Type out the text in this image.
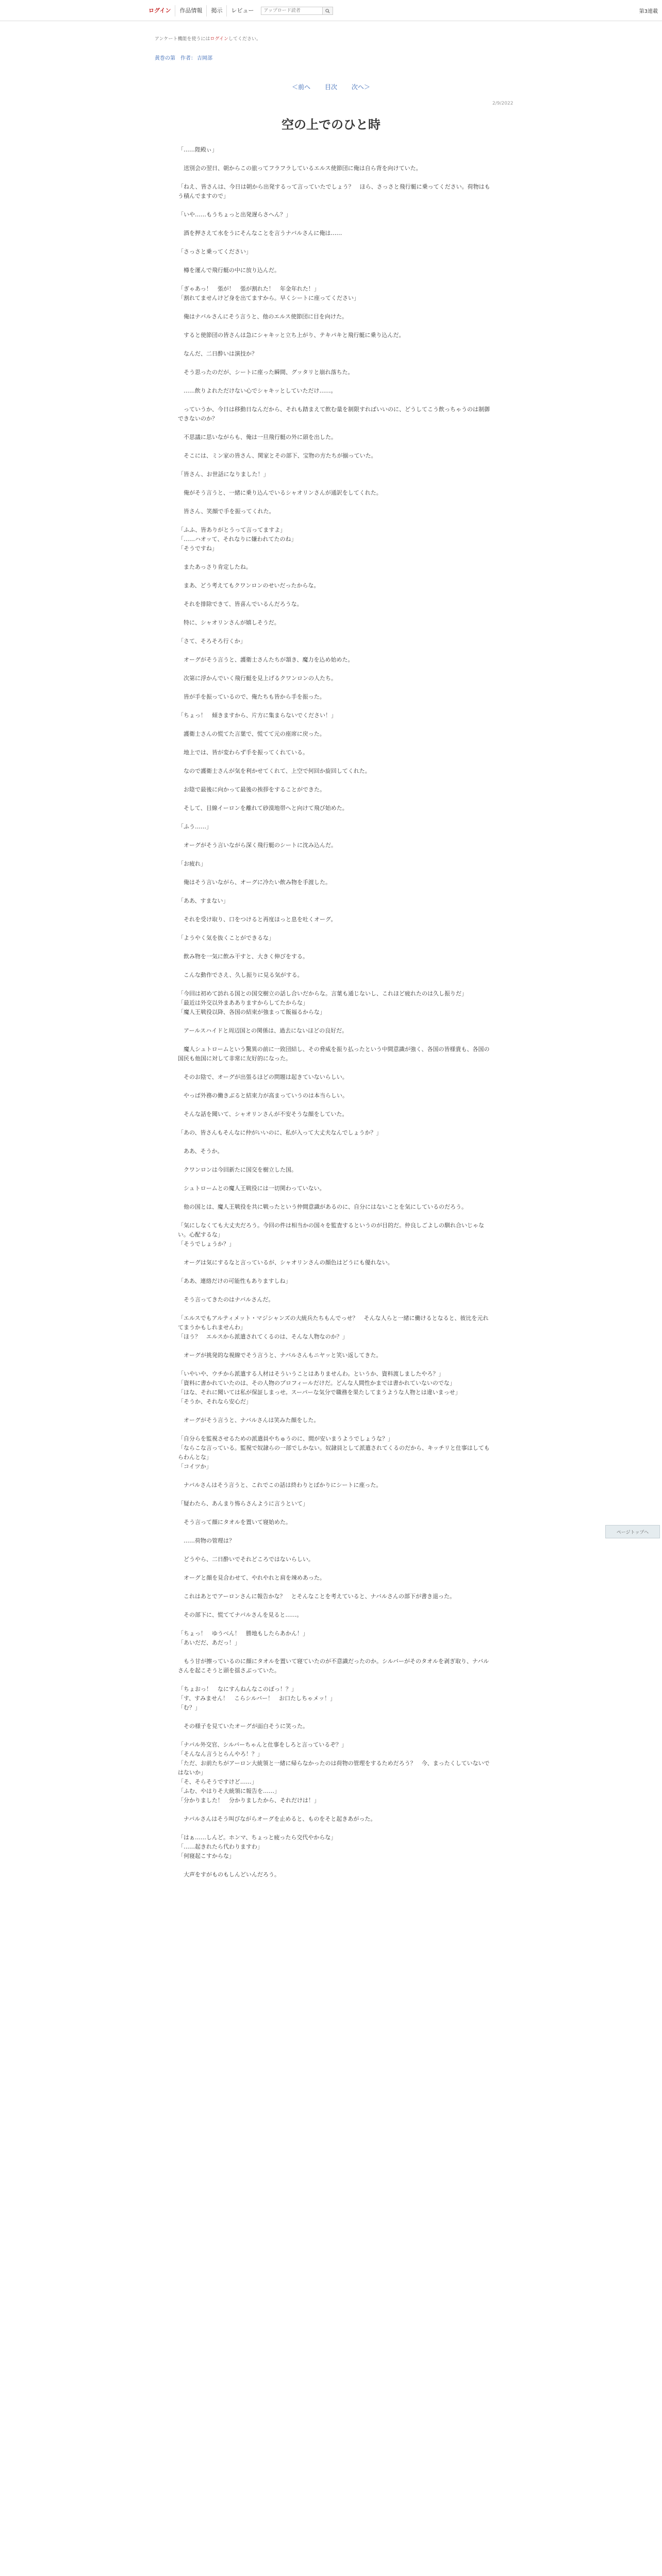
ログイン	作品情報	掲示	レビュー
アップロード読者	第3連載
アンケート機能を使うにはログインしてください。
黄巻の第 作者： 吉岡部
＜前へ 目次 次へ＞
2/9/2022
空の上でのひと時

「……陛殿ぃ」

　送別会の翌日、朝からこの旅ってフラフラしているエルス使節団に俺は自ら背を向けていた。

「ねえ、皆さんは、今日は朝から出発するって言っていたでしょう？　ほら、さっさと飛行艇に乗ってください。荷物はもう積んでますので」

「いや……もうちょっと出発遅らさへん？」

　酒を押さえて水をうにそんなことを言うナバルさんに俺は……

「さっさと乗ってください」

　樽を運んで飛行艇の中に放り込んだ。

「ぎゃあっ！　張が！　張が割れた！　年金年れた！」
「割れてませんけど身を出てますから。早くシートに座ってください」

　俺はナバルさんにそう言うと、他のエルス使節団に目を向けた。

　すると使節団の皆さんは急にシャキッと立ち上がり、テキパキと飛行艇に乗り込んだ。

　なんだ、二日酔いは演技か？

　そう思ったのだが、シートに座った瞬間、グッタリと崩れ落ちた。

　……飲りよれただけない心でシャキッとしていただけ……。

　っていうか、今日は移動日なんだから、それも踏まえて飲む量を制限すればいいのに、どうしてこう飲っちゃうのは制御できないのか？

　不思議に思いながらも、俺は一旦飛行艇の外に頭を出した。

　そこには、ミン家の皆さん、関家とその部下、宝物の方たちが揃っていた。

「皆さん、お世話になりました！」

　俺がそう言うと、一緒に乗り込んでいるシャオリンさんが通訳をしてくれた。

　皆さん、笑顔で手を振ってくれた。

「ふふ、皆ありがとうって言ってますよ」
「……ハオッて、それなりに嫌われてたのね」
「そうですね」

　またあっさり肯定したね。

　まあ、どう考えてもクワンロンのせいだったからな。

　それを排除できて、皆喜んでいるんだろうな。

　特に、シャオリンさんが嬉しそうだ。

「さて、そろそろ行くか」

　オーグがそう言うと、護衛士さんたちが頷き、魔力を込め始めた。

　次第に浮かんでいく飛行艇を見上げるクワンロンの人たち。

　皆が手を振っているので、俺たちも皆から手を振った。

「ちょっ！　傾きますから、片方に集まらないでください！」

　護衛士さんの慌てた言葉で、慌てて元の座席に戻った。

　地上では、皆が変わらず手を振ってくれている。

　なので護衛士さんが気を利かせてくれて、上空で何回か旋回してくれた。

　お陰で最後に向かって最後の挨拶をすることができた。

　そして、目線イーロンを離れて砂漠地帯へと向けて飛び始めた。

「ふう……」

　オーグがそう言いながら深く飛行艇のシートに沈み込んだ。

「お疲れ」

　俺はそう言いながら、オーグに冷たい飲み物を手渡した。

「ああ、すまない」

　それを受け取り、口をつけると再度ほっと息を吐くオーグ。

「ようやく気を抜くことができるな」

　飲み物を一気に飲み干すと、大きく伸びをする。

　こんな動作でさえ、久し振りに見る気がする。

「今回は初めて訪れる国との国交樹立の話し合いだからな。言葉も通じないし、これほど疲れたのは久し振りだ」
「最近は外交以外まあありますからしてたからな」
「魔人王戦役以降、各国の結束が強まって飯福るからな」

　アールスハイドと周辺国との関係は、過去にないほどの良好だ。

　魔人シュトロームという驚異の前に一致団結し、その脅威を振り払ったという中間意識が強く、各国の皆様貴も、各国の国民も他国に対して非常に友好的になった。

　そのお陰で、オーグが出張るほどの問題は起きていないらしい。

　やっぱ外務の働きぶると結束力が高まっていうのは本当らしい。

　そんな話を聞いて、シャオリンさんが不安そうな顔をしていた。

「あの、皆さんもそんなに仲がいいのに、私が入って大丈夫なんでしょうか？」

　ああ、そうか。

　クワンロンは今回新たに国交を樹立した国。

　シュトロームとの魔人王戦役には一切関わっていない。

　他の国とは、魔人王戦役を共に戦ったという仲間意識があるのに、自分にはないことを気にしているのだろう。

「気にしなくても大丈夫だろう。今回の件は相当かの国々を監査するというのが目的だ。仲良しごよしの馴れ合いじゃない。心配するな」
「そうでしょうか？」

　オーグは気にするなと言っているが、シャオリンさんの顔色はどうにも優れない。

「ああ、連絡だけの可能性もありますしね」

　そう言ってきたのはナバルさんだ。

「エルスでもアルティメット・マジシャンズの大統兵たちもんでっせ？　そんな人らと一緒に働けるとなると、彼比を元れてまうかもしれませんわ」
「ほう？　エルスから派遣されてくるのは、そんな人物なのか？」

　オーグが挑発的な視線でそう言うと、ナバルさんもニヤッと笑い返してきた。

「いやいや、ウチから派遣する人材はそういうことはありませんわ。というか、資料渡しましたやろ？」
「資料に書かれていたのは、その人物のプロフィールだけだ。どんな人間性かまでは書かれていないのでな」
「ほな、それに聞いては私が保証しまっせ。スーパーな気分で職務を果たしてまうような人物とは違いまっせ」
「そうか、それなら安心だ」

　オーグがそう言うと、ナバルさんは笑みた顔をした。

「自分らを監視させるための派遣員やちゅうのに、間が安いまうようでしょうな？」
「ならこな言っている。監視で奴隷らの一部でしかない。奴隷員として派遣されてくるのだから、キッチリと仕事はしてもらわんとな」
「コイツか」

　ナバルさんはそう言うと、これでこの話は終わりとばかりにシートに座った。

「疑わたら、あんまり怖らさんように言うといて」

　そう言って顔にタオルを置いて寝始めた。

　……荷物の管理は？

　どうやら、二日酔いでそれどころではないらしい。

　オーグと顔を見合わせて、やれやれと肩を竦めあった。

　これはあとでアーロンさんに報告かな？　とそんなことを考えていると、ナバルさんの部下が書き退った。

　その部下に、慌ててナバルさんを見ると……。

「ちょっ！　ゆうべん！　勝地もしたらあかん！」
「あいだだ、あだっ！」

　もう甘が擦っているのに顔にタオルを置いて寝ていたのが不意識だったのか。シルバーがそのタオルを剥ぎ取り、ナバルさんを起こそうと頭を揺さぶっていた。

「ちょおっ！　なにすんねんなこのぼっ！？」
「す、すみません！　こらシルバー！　お口たしちゃメッ！」
「む？」

　その様子を見ていたオーグが面白そうに笑った。

「ナバル外交官、シルバーちゃんと仕事をしろと言っているぞ？」
「そんなん言うとらんやろ！？」
「ただ、お前たちがアーロン大統領と一緒に帰らなかったのは荷物の管理をするためだろう？　今、まったくしていないではないか」
「そ、そらそうですけど……」
「ふむ、やはりそ大統領に報告を……」
「分かりました！　分かりましたから、それだけは！」

　ナバルさんはそう叫びながらオーグを止めると、ものをそと起きあがった。

「はぁ……しんど。ホンマ、ちょっと疲ったら交代やからな」
「……起きれたら代わりますわ」
「何寝起こすからな」

　大声をすがものもしんどいんだろう。

ページトップへ
